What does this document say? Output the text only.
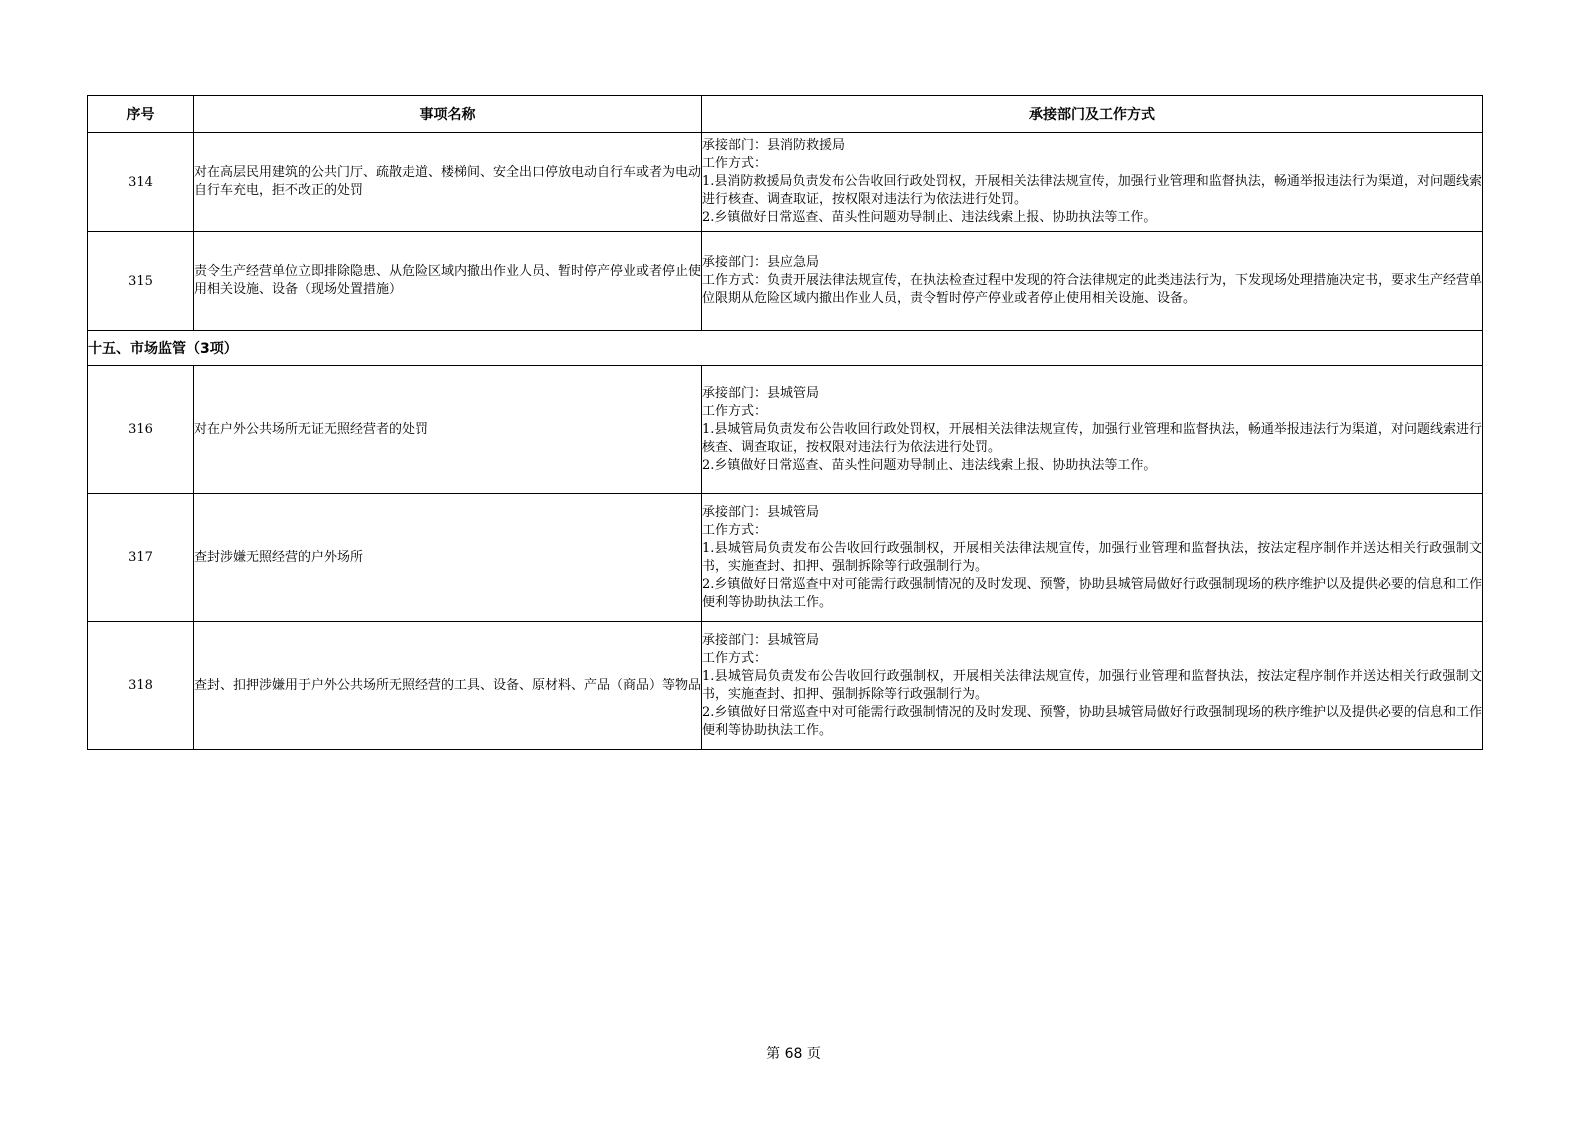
序号	事项名称	承接部门及工作方式
314	对在高层民用建筑的公共门厅、疏散走道、楼梯间、安全出口停放电动自行车或者为电动自行车充电，拒不改正的处罚	承接部门：县消防救援局
工作方式：
1.县消防救援局负责发布公告收回行政处罚权，开展相关法律法规宣传，加强行业管理和监督执法，畅通举报违法行为渠道，对问题线索进行核查、调查取证，按权限对违法行为依法进行处罚。
2.乡镇做好日常巡查、苗头性问题劝导制止、违法线索上报、协助执法等工作。

315	责令生产经营单位立即排除隐患、从危险区域内撤出作业人员、暂时停产停业或者停止使用相关设施、设备（现场处置措施）	承接部门：县应急局
工作方式：负责开展法律法规宣传，在执法检查过程中发现的符合法律规定的此类违法行为，下发现场处理措施决定书，要求生产经营单位限期从危险区域内撤出作业人员，责令暂时停产停业或者停止使用相关设施、设备。

十五、市场监管（3项）		
316	对在户外公共场所无证无照经营者的处罚	承接部门：县城管局
工作方式：
1.县城管局负责发布公告收回行政处罚权，开展相关法律法规宣传，加强行业管理和监督执法，畅通举报违法行为渠道，对问题线索进行核查、调查取证，按权限对违法行为依法进行处罚。
2.乡镇做好日常巡查、苗头性问题劝导制止、违法线索上报、协助执法等工作。

317	查封涉嫌无照经营的户外场所	承接部门：县城管局
工作方式：
1.县城管局负责发布公告收回行政强制权，开展相关法律法规宣传，加强行业管理和监督执法，按法定程序制作并送达相关行政强制文书，实施查封、扣押、强制拆除等行政强制行为。
2.乡镇做好日常巡查中对可能需行政强制情况的及时发现、预警，协助县城管局做好行政强制现场的秩序维护以及提供必要的信息和工作便利等协助执法工作。

318	查封、扣押涉嫌用于户外公共场所无照经营的工具、设备、原材料、产品（商品）等物品	承接部门：县城管局
工作方式：
1.县城管局负责发布公告收回行政强制权，开展相关法律法规宣传，加强行业管理和监督执法，按法定程序制作并送达相关行政强制文书，实施查封、扣押、强制拆除等行政强制行为。
2.乡镇做好日常巡查中对可能需行政强制情况的及时发现、预警，协助县城管局做好行政强制现场的秩序维护以及提供必要的信息和工作便利等协助执法工作。
第 68 页
